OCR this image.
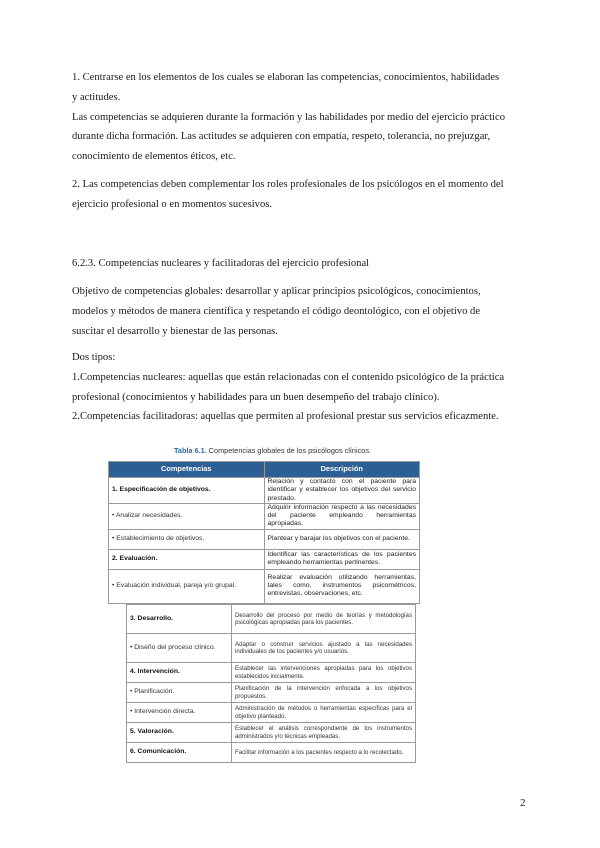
1. Centrarse en los elementos de los cuales se elaboran las competencias, conocimientos, habilidades
y actitudes.
Las competencias se adquieren durante la formación y las habilidades por medio del ejercicio práctico
durante dicha formación. Las actitudes se adquieren con empatía, respeto, tolerancia, no prejuzgar,
conocimiento de elementos éticos, etc.
2. Las competencias deben complementar los roles profesionales de los psicólogos en el momento del
ejercicio profesional o en momentos sucesivos.
6.2.3. Competencias nucleares y facilitadoras del ejercicio profesional
Objetivo de competencias globales: desarrollar y aplicar principios psicológicos, conocimientos,
modelos y métodos de manera científica y respetando el código deontológico, con el objetivo de
suscitar el desarrollo y bienestar de las personas.
Dos tipos:
1.Competencias nucleares: aquellas que están relacionadas con el contenido psicológico de la práctica
profesional (conocimientos y habilidades para un buen desempeño del trabajo clínico).
2.Competencias facilitadoras: aquellas que permiten al profesional prestar sus servicios eficazmente.
Tabla 6.1. Competencias globales de los psicólogos clínicos.
Competencias	Descripción
1. Especificación de objetivos.	Relación y contacto con el paciente para identificar y establecer los objetivos del servicio prestado.
• Analizar necesidades.	Adquirir información respecto a las necesidades del paciente empleando herramientas apropiadas.
• Establecimiento de objetivos.	Plantear y barajar los objetivos con el paciente.
2. Evaluación.	Identificar las características de los pacientes empleando herramientas pertinentes.
• Evaluación individual, pareja y/o grupal.	Realizar evaluación utilizando herramientas, tales como, instrumentos psicométricos, entrevistas, observaciones, etc.
3. Desarrollo.	Desarrollo del proceso por medio de teorías y metodologías psicológicas apropiadas para los pacientes.
• Diseño del proceso clínico.	Adaptar o construir servicios ajustado a las necesidades individuales de los pacientes y/o usuarios.
4. Intervención.	Establecer las intervenciones apropiadas para los objetivos establecidos inicialmente.
• Planificación.	Planificación de la intervención enfocada a los objetivos propuestos.
• Intervención directa.	Administración de métodos o herramientas específicas para el objetivo planteado.
5. Valoración.	Establecer el análisis correspondiente de los instrumentos administrados y/o técnicas empleadas.
6. Comunicación.	Facilitar información a los pacientes respecto a lo recolectado.
2
